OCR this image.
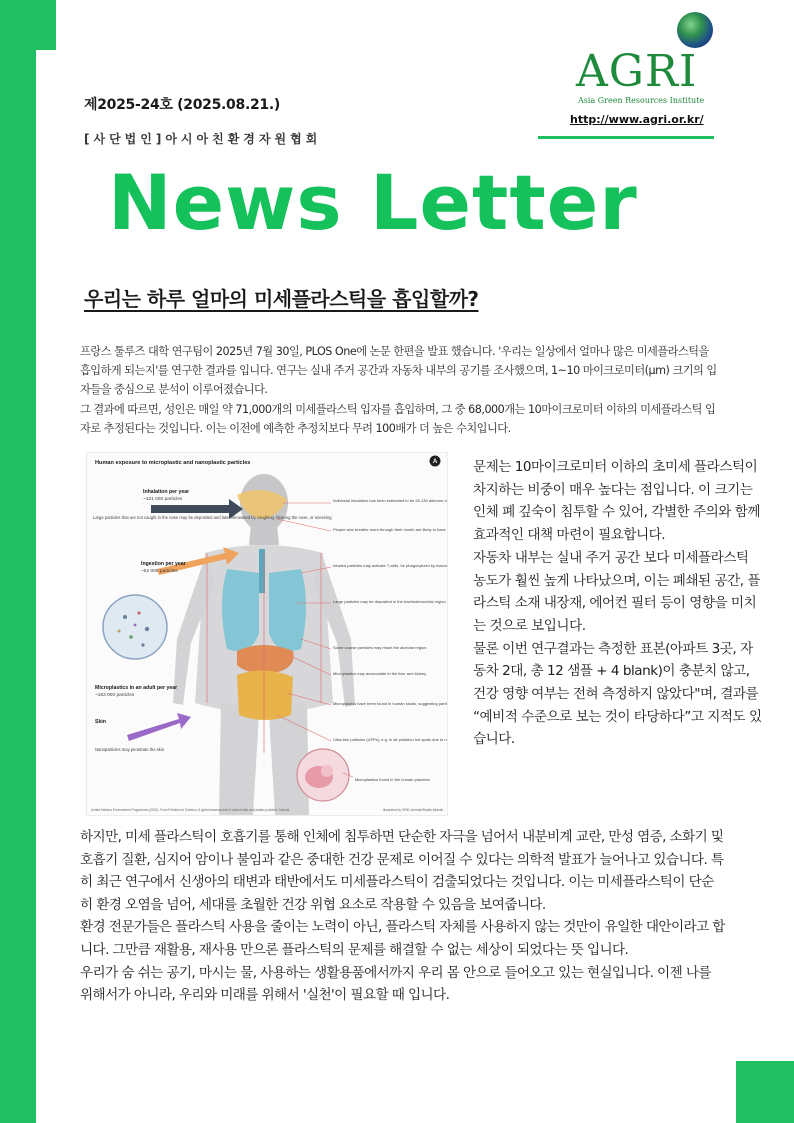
제2025-24호 (2025.08.21.)
[사단법인]아시아친환경자원협회
AGRI
Asia Green Resources Institute
http://www.agri.or.kr/
News Letter
우리는 하루 얼마의 미세플라스틱을 흡입할까?

프랑스 툴루즈 대학 연구팀이 2025년 7월 30일, PLOS One에 논문 한편을 발표 했습니다. '우리는 일상에서 얼마나 많은 미세플라스틱을 흡입하게 되는지'를 연구한 결과를 입니다. 연구는 실내 주거 공간과 자동차 내부의 공기를 조사했으며, 1~10 마이크로미터(μm) 크기의 입자들을 중심으로 분석이 이루어졌습니다.

그 결과에 따르면, 성인은 매일 약 71,000개의 미세플라스틱 입자를 흡입하며, 그 중 68,000개는 10마이크로미터 이하의 미세플라스틱 입자로 추정된다는 것입니다. 이는 이전에 예측한 추정치보다 무려 100배가 더 높은 수치입니다.

Human exposure to microplastic and nanoplastic particles	A
Inhalation per year
~121 000 particles
Large particles that are not caught in the nose may be deposited and later eliminated by coughing, blowing the nose, or sneezing
Ingestion per year
~52 000 particles
Microplastics in an adult per year
~163 000 particles
Skin
Nanoparticles may penetrate the skin
Individual inhalation has been estimated to be 26-130 airborne m
People who breathe more through their mouth are likely to have
Inhaled particles may activate T-cells, be phagocytized by macro
Large particles may be deposited in the tracheobronchial region
Some coarse particles may reach the alveolar region
Microplastics may accumulate in the liver and kidney
Microplastics have been found in human stools, suggesting part
Ultra-fine particles (UFPs), e.g. in air pollution hot spots due to ro
Microplastics found in the human placenta
United Nations Environment Programme (2021). From Pollution to Solution: A global assessment of marine litter and plastic pollution. Nairobi.	Illustrated by GRID-Arendal/Studio Atlantis

문제는 10마이크로미터 이하의 초미세 플라스틱이 차지하는 비중이 매우 높다는 점입니다. 이 크기는 인체 폐 깊숙이 침투할 수 있어, 각별한 주의와 함께 효과적인 대책 마련이 필요합니다.

자동차 내부는 실내 주거 공간 보다 미세플라스틱 농도가 훨씬 높게 나타났으며, 이는 폐쇄된 공간, 플라스틱 소재 내장재, 에어컨 필터 등이 영향을 미치는 것으로 보입니다.

물론 이번 연구결과는 측정한 표본(아파트 3곳, 자동차 2대, 총 12 샘플 + 4 blank)이 충분치 않고, 건강 영향 여부는 전혀 측정하지 않았다"며, 결과를 “예비적 수준으로 보는 것이 타당하다”고 지적도 있습니다.

하지만, 미세 플라스틱이 호흡기를 통해 인체에 침투하면 단순한 자극을 넘어서 내분비계 교란, 만성 염증, 소화기 및 호흡기 질환, 심지어 암이나 불임과 같은 중대한 건강 문제로 이어질 수 있다는 의학적 발표가 늘어나고 있습니다. 특히 최근 연구에서 신생아의 태변과 태반에서도 미세플라스틱이 검출되었다는 것입니다. 이는 미세플라스틱이 단순히 환경 오염을 넘어, 세대를 초월한 건강 위협 요소로 작용할 수 있음을 보여줍니다.

환경 전문가들은 플라스틱 사용을 줄이는 노력이 아닌, 플라스틱 자체를 사용하지 않는 것만이 유일한 대안이라고 합니다. 그만큼 재활용, 재사용 만으론 플라스틱의 문제를 해결할 수 없는 세상이 되었다는 뜻 입니다.

우리가 숨 쉬는 공기, 마시는 물, 사용하는 생활용품에서까지 우리 몸 안으로 들어오고 있는 현실입니다. 이젠 나를 위해서가 아니라, 우리와 미래를 위해서 '실천'이 필요할 때 입니다.
